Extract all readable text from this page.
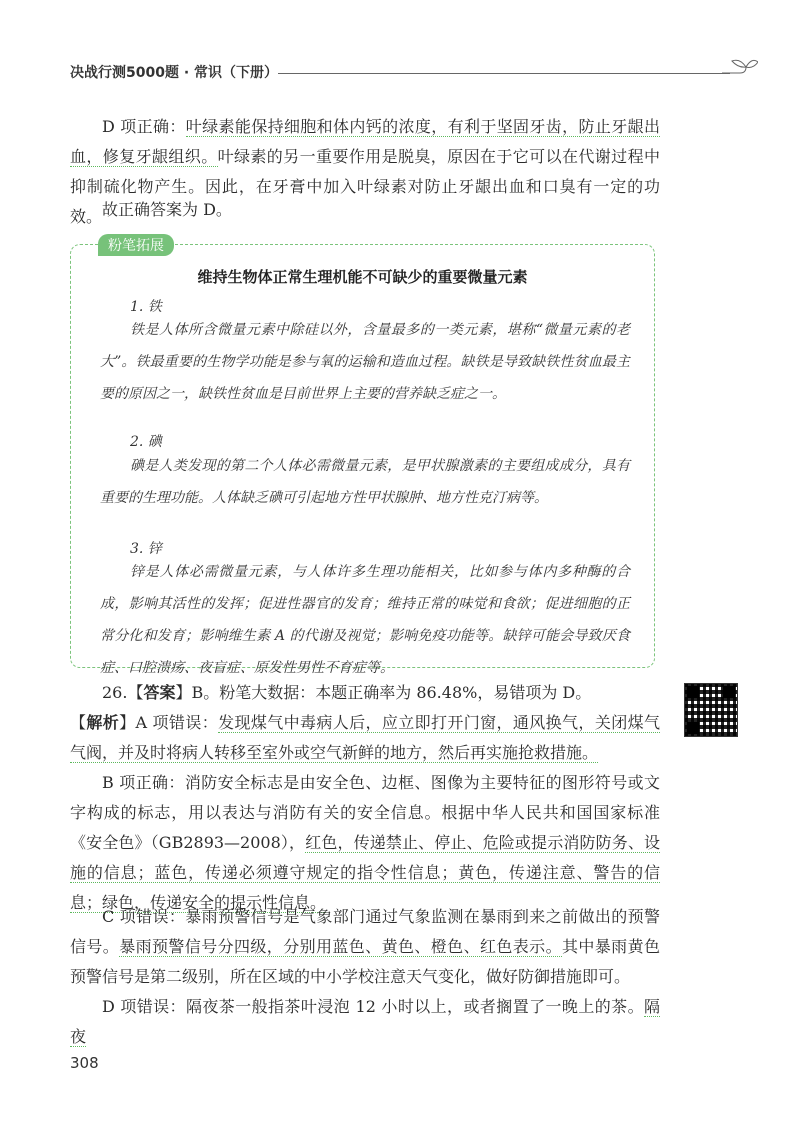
决战行测5000题 · 常识（下册）

D 项正确：叶绿素能保持细胞和体内钙的浓度，有利于坚固牙齿，防止牙龈出血，修复牙龈组织。叶绿素的另一重要作用是脱臭，原因在于它可以在代谢过程中抑制硫化物产生。因此，在牙膏中加入叶绿素对防止牙龈出血和口臭有一定的功效。 故正确答案为 D。

粉笔拓展
维持生物体正常生理机能不可缺少的重要微量元素

1. 铁

铁是人体所含微量元素中除硅以外，含量最多的一类元素，堪称“微量元素的老大”。铁最重要的生物学功能是参与氧的运输和造血过程。缺铁是导致缺铁性贫血最主要的原因之一，缺铁性贫血是目前世界上主要的营养缺乏症之一。

2. 碘

碘是人类发现的第二个人体必需微量元素，是甲状腺激素的主要组成成分，具有重要的生理功能。人体缺乏碘可引起地方性甲状腺肿、地方性克汀病等。

3. 锌

锌是人体必需微量元素，与人体许多生理功能相关，比如参与体内多种酶的合成，影响其活性的发挥；促进性器官的发育；维持正常的味觉和食欲；促进细胞的正常分化和发育；影响维生素 A 的代谢及视觉；影响免疫功能等。缺锌可能会导致厌食症、口腔溃疡、夜盲症、原发性男性不育症等。

26.【答案】B。粉笔大数据：本题正确率为 86.48%，易错项为 D。

【解析】A 项错误：发现煤气中毒病人后，应立即打开门窗，通风换气，关闭煤气气阀，并及时将病人转移至室外或空气新鲜的地方，然后再实施抢救措施。

B 项正确：消防安全标志是由安全色、边框、图像为主要特征的图形符号或文字构成的标志，用以表达与消防有关的安全信息。根据中华人民共和国国家标准《安全色》（GB2893—2008），红色，传递禁止、停止、危险或提示消防防务、设施的信息；蓝色，传递必须遵守规定的指令性信息；黄色，传递注意、警告的信息；绿色，传递安全的提示性信息。

C 项错误：暴雨预警信号是气象部门通过气象监测在暴雨到来之前做出的预警信号。暴雨预警信号分四级，分别用蓝色、黄色、橙色、红色表示。其中暴雨黄色预警信号是第二级别，所在区域的中小学校注意天气变化，做好防御措施即可。

D 项错误：隔夜茶一般指茶叶浸泡 12 小时以上，或者搁置了一晚上的茶。隔夜

308
